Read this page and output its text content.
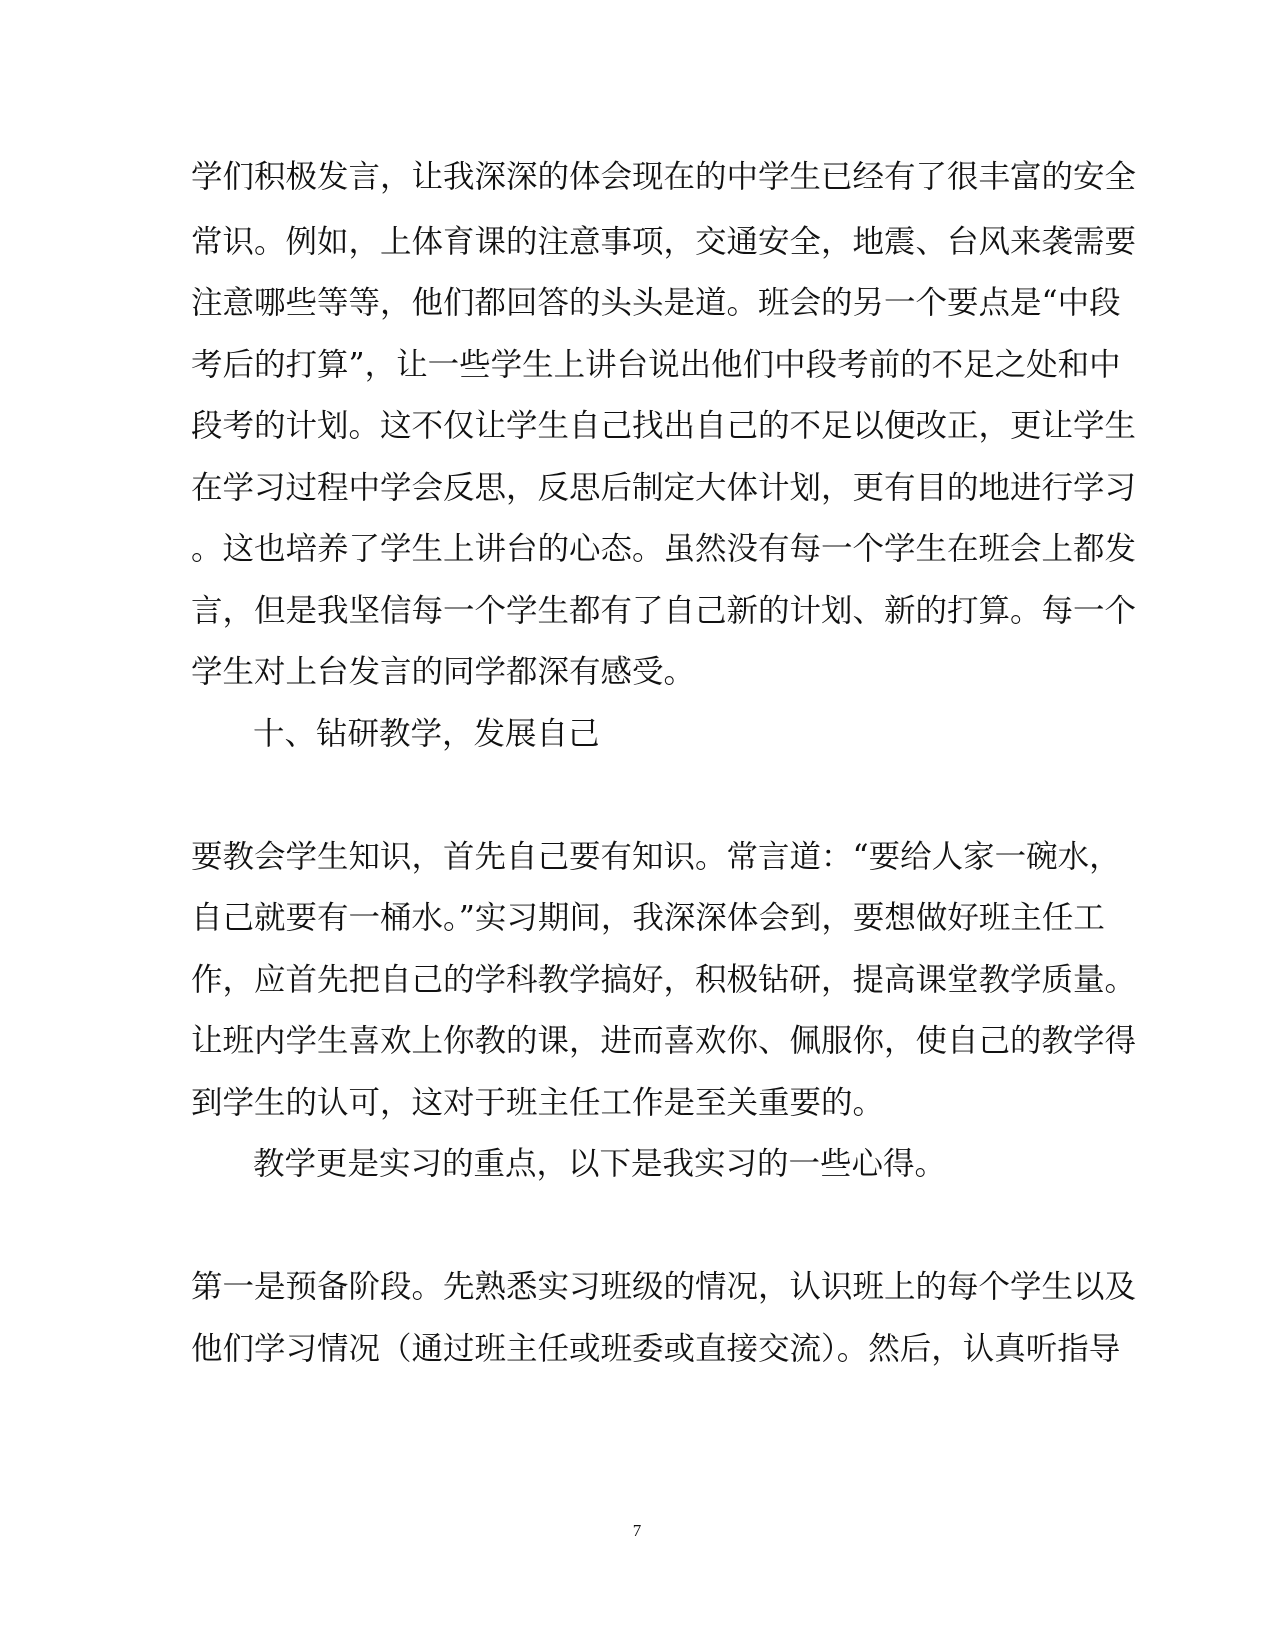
学们积极发言，让我深深的体会现在的中学生已经有了很丰富的安全
常识。例如，上体育课的注意事项，交通安全，地震、台风来袭需要
注意哪些等等，他们都回答的头头是道。班会的另一个要点是“中段
考后的打算”，让一些学生上讲台说出他们中段考前的不足之处和中
段考的计划。这不仅让学生自己找出自己的不足以便改正，更让学生
在学习过程中学会反思，反思后制定大体计划，更有目的地进行学习
。这也培养了学生上讲台的心态。虽然没有每一个学生在班会上都发
言，但是我坚信每一个学生都有了自己新的计划、新的打算。每一个
学生对上台发言的同学都深有感受。
十、钻研教学，发展自己
要教会学生知识，首先自己要有知识。常言道：“要给人家一碗水，
自己就要有一桶水。”实习期间，我深深体会到，要想做好班主任工
作，应首先把自己的学科教学搞好，积极钻研，提高课堂教学质量。
让班内学生喜欢上你教的课，进而喜欢你、佩服你，使自己的教学得
到学生的认可，这对于班主任工作是至关重要的。
教学更是实习的重点，以下是我实习的一些心得。
第一是预备阶段。先熟悉实习班级的情况，认识班上的每个学生以及
他们学习情况（通过班主任或班委或直接交流）。然后，认真听指导
7
